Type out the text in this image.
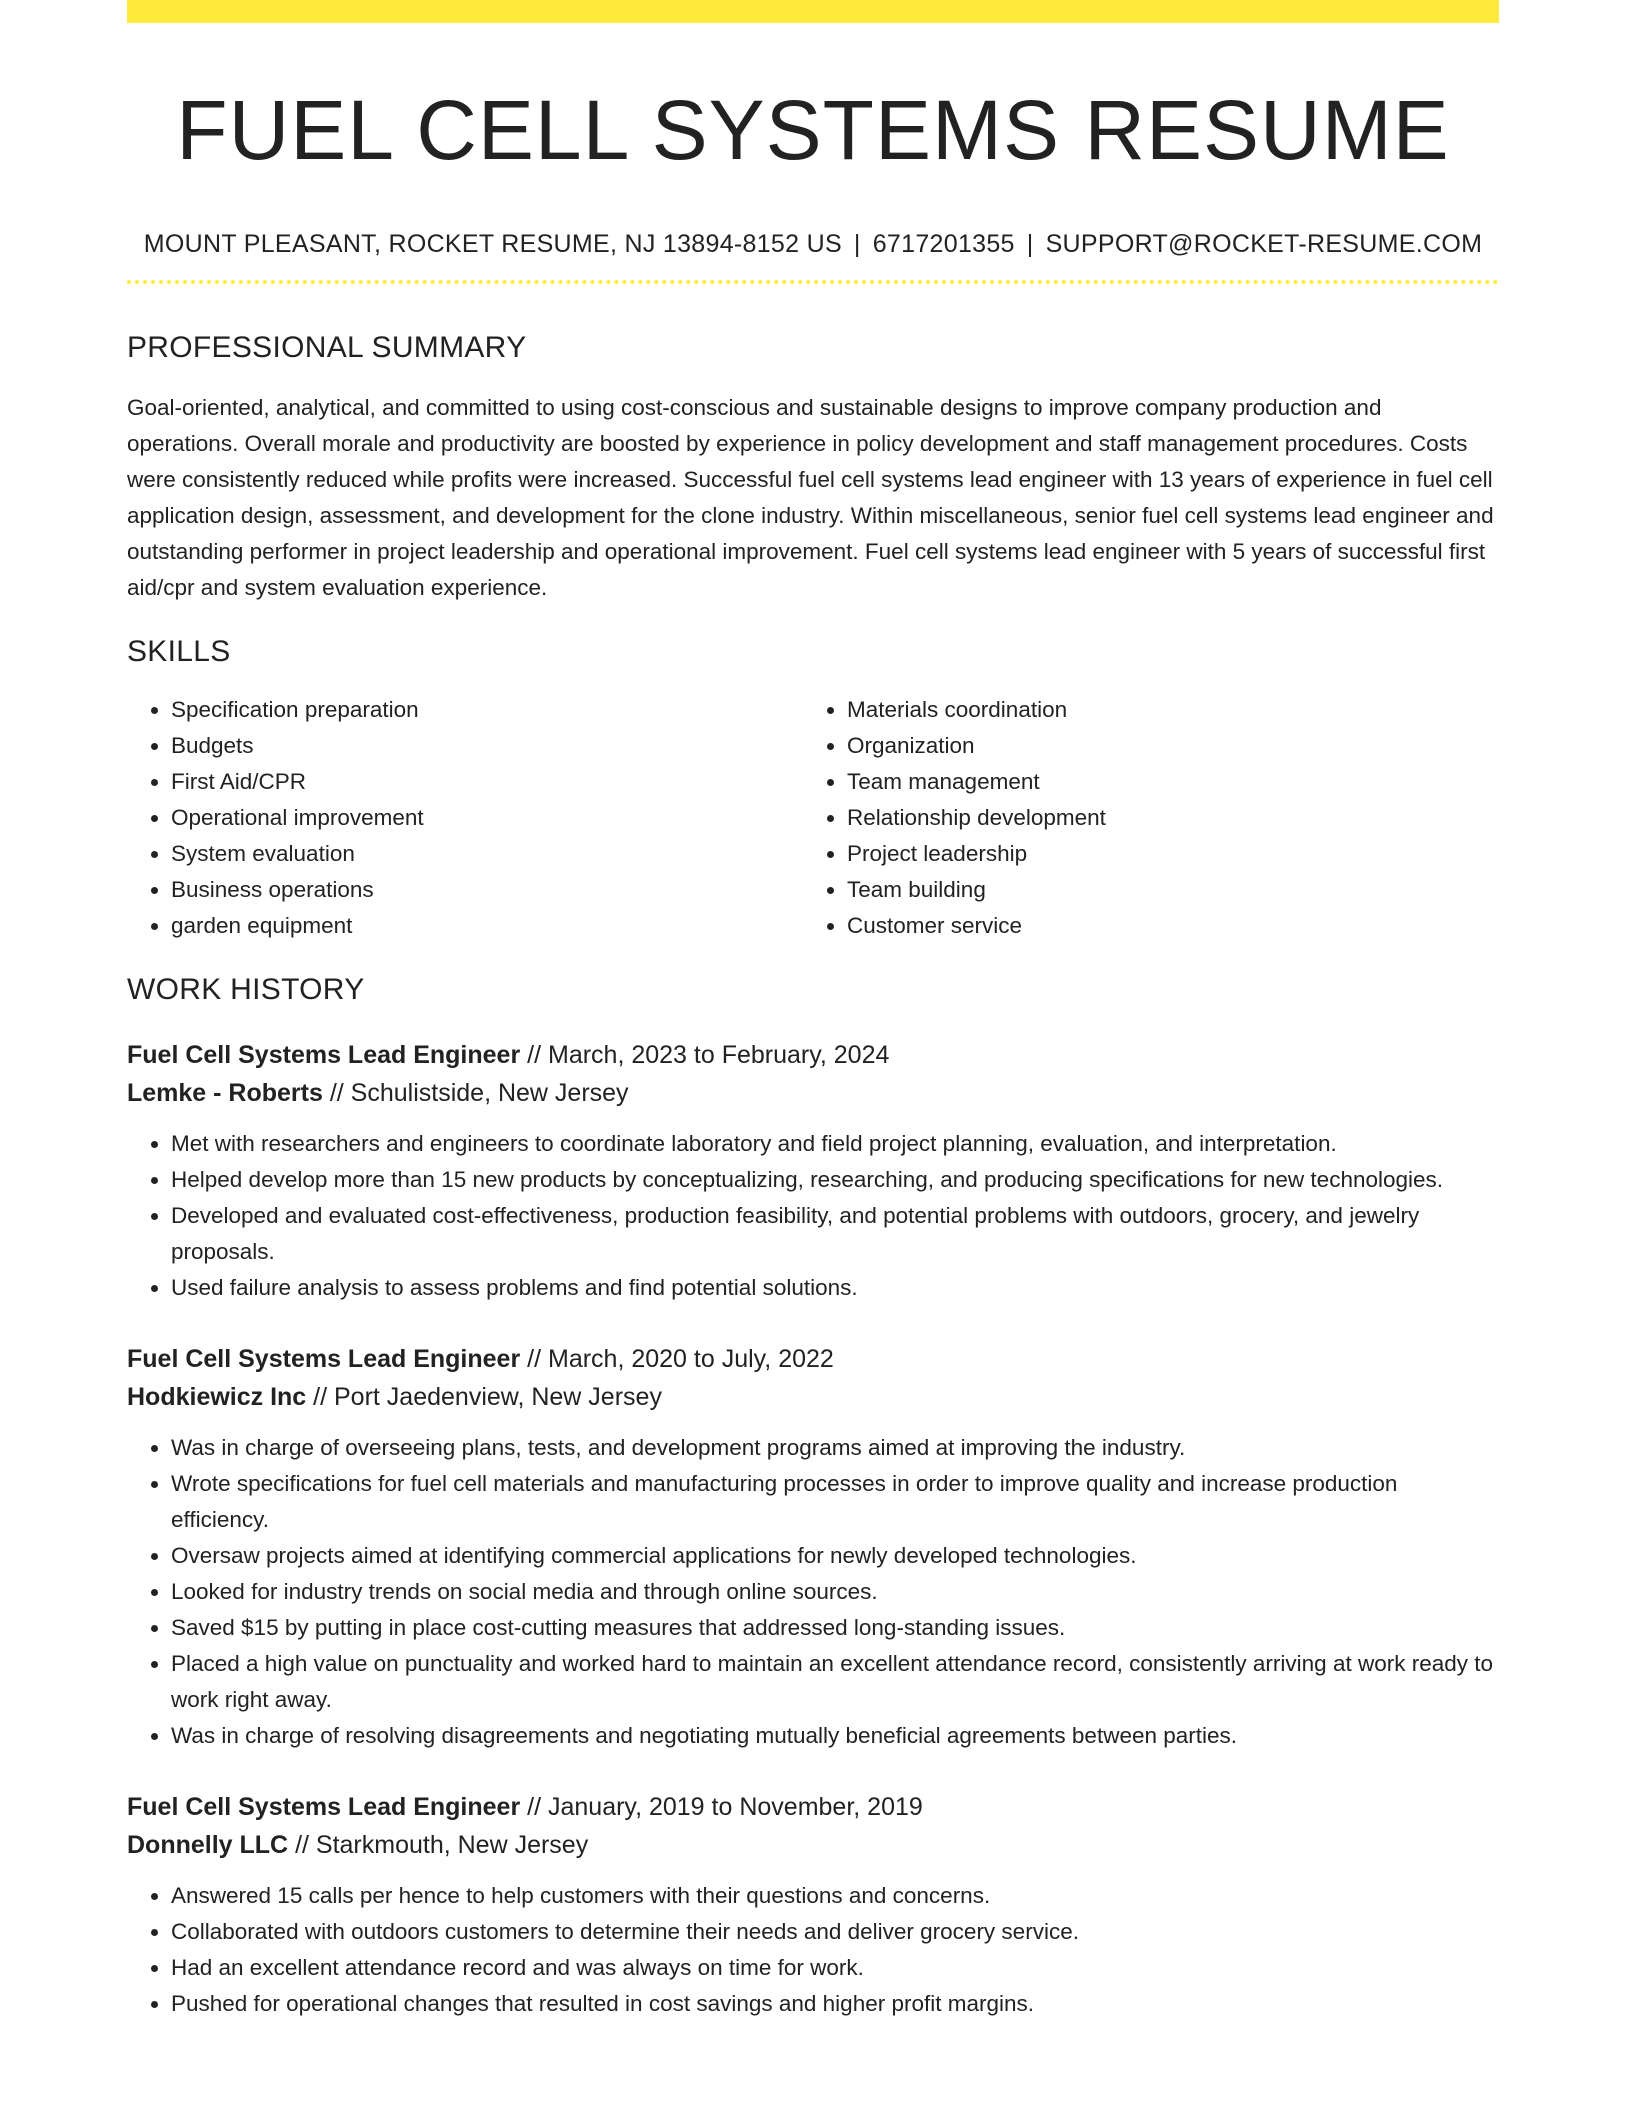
FUEL CELL SYSTEMS RESUME
MOUNT PLEASANT, ROCKET RESUME, NJ 13894-8152 US | 6717201355 | SUPPORT@ROCKET-RESUME.COM
PROFESSIONAL SUMMARY

Goal-oriented, analytical, and committed to using cost-conscious and sustainable designs to improve company production and operations. Overall morale and productivity are boosted by experience in policy development and staff management procedures. Costs were consistently reduced while profits were increased. Successful fuel cell systems lead engineer with 13 years of experience in fuel cell application design, assessment, and development for the clone industry. Within miscellaneous, senior fuel cell systems lead engineer and outstanding performer in project leadership and operational improvement. Fuel cell systems lead engineer with 5 years of successful first aid/cpr and system evaluation experience.

SKILLS
• Specification preparation
• Budgets
• First Aid/CPR
• Operational improvement
• System evaluation
• Business operations
• garden equipment
• Materials coordination
• Organization
• Team management
• Relationship development
• Project leadership
• Team building
• Customer service
WORK HISTORY
Fuel Cell Systems Lead Engineer // March, 2023 to February, 2024
Lemke - Roberts // Schulistside, New Jersey
• Met with researchers and engineers to coordinate laboratory and field project planning, evaluation, and interpretation.
• Helped develop more than 15 new products by conceptualizing, researching, and producing specifications for new technologies.
• Developed and evaluated cost-effectiveness, production feasibility, and potential problems with outdoors, grocery, and jewelry proposals.
• Used failure analysis to assess problems and find potential solutions.
Fuel Cell Systems Lead Engineer // March, 2020 to July, 2022
Hodkiewicz Inc // Port Jaedenview, New Jersey
• Was in charge of overseeing plans, tests, and development programs aimed at improving the industry.
• Wrote specifications for fuel cell materials and manufacturing processes in order to improve quality and increase production efficiency.
• Oversaw projects aimed at identifying commercial applications for newly developed technologies.
• Looked for industry trends on social media and through online sources.
• Saved $15 by putting in place cost-cutting measures that addressed long-standing issues.
• Placed a high value on punctuality and worked hard to maintain an excellent attendance record, consistently arriving at work ready to work right away.
• Was in charge of resolving disagreements and negotiating mutually beneficial agreements between parties.
Fuel Cell Systems Lead Engineer // January, 2019 to November, 2019
Donnelly LLC // Starkmouth, New Jersey
• Answered 15 calls per hence to help customers with their questions and concerns.
• Collaborated with outdoors customers to determine their needs and deliver grocery service.
• Had an excellent attendance record and was always on time for work.
• Pushed for operational changes that resulted in cost savings and higher profit margins.
